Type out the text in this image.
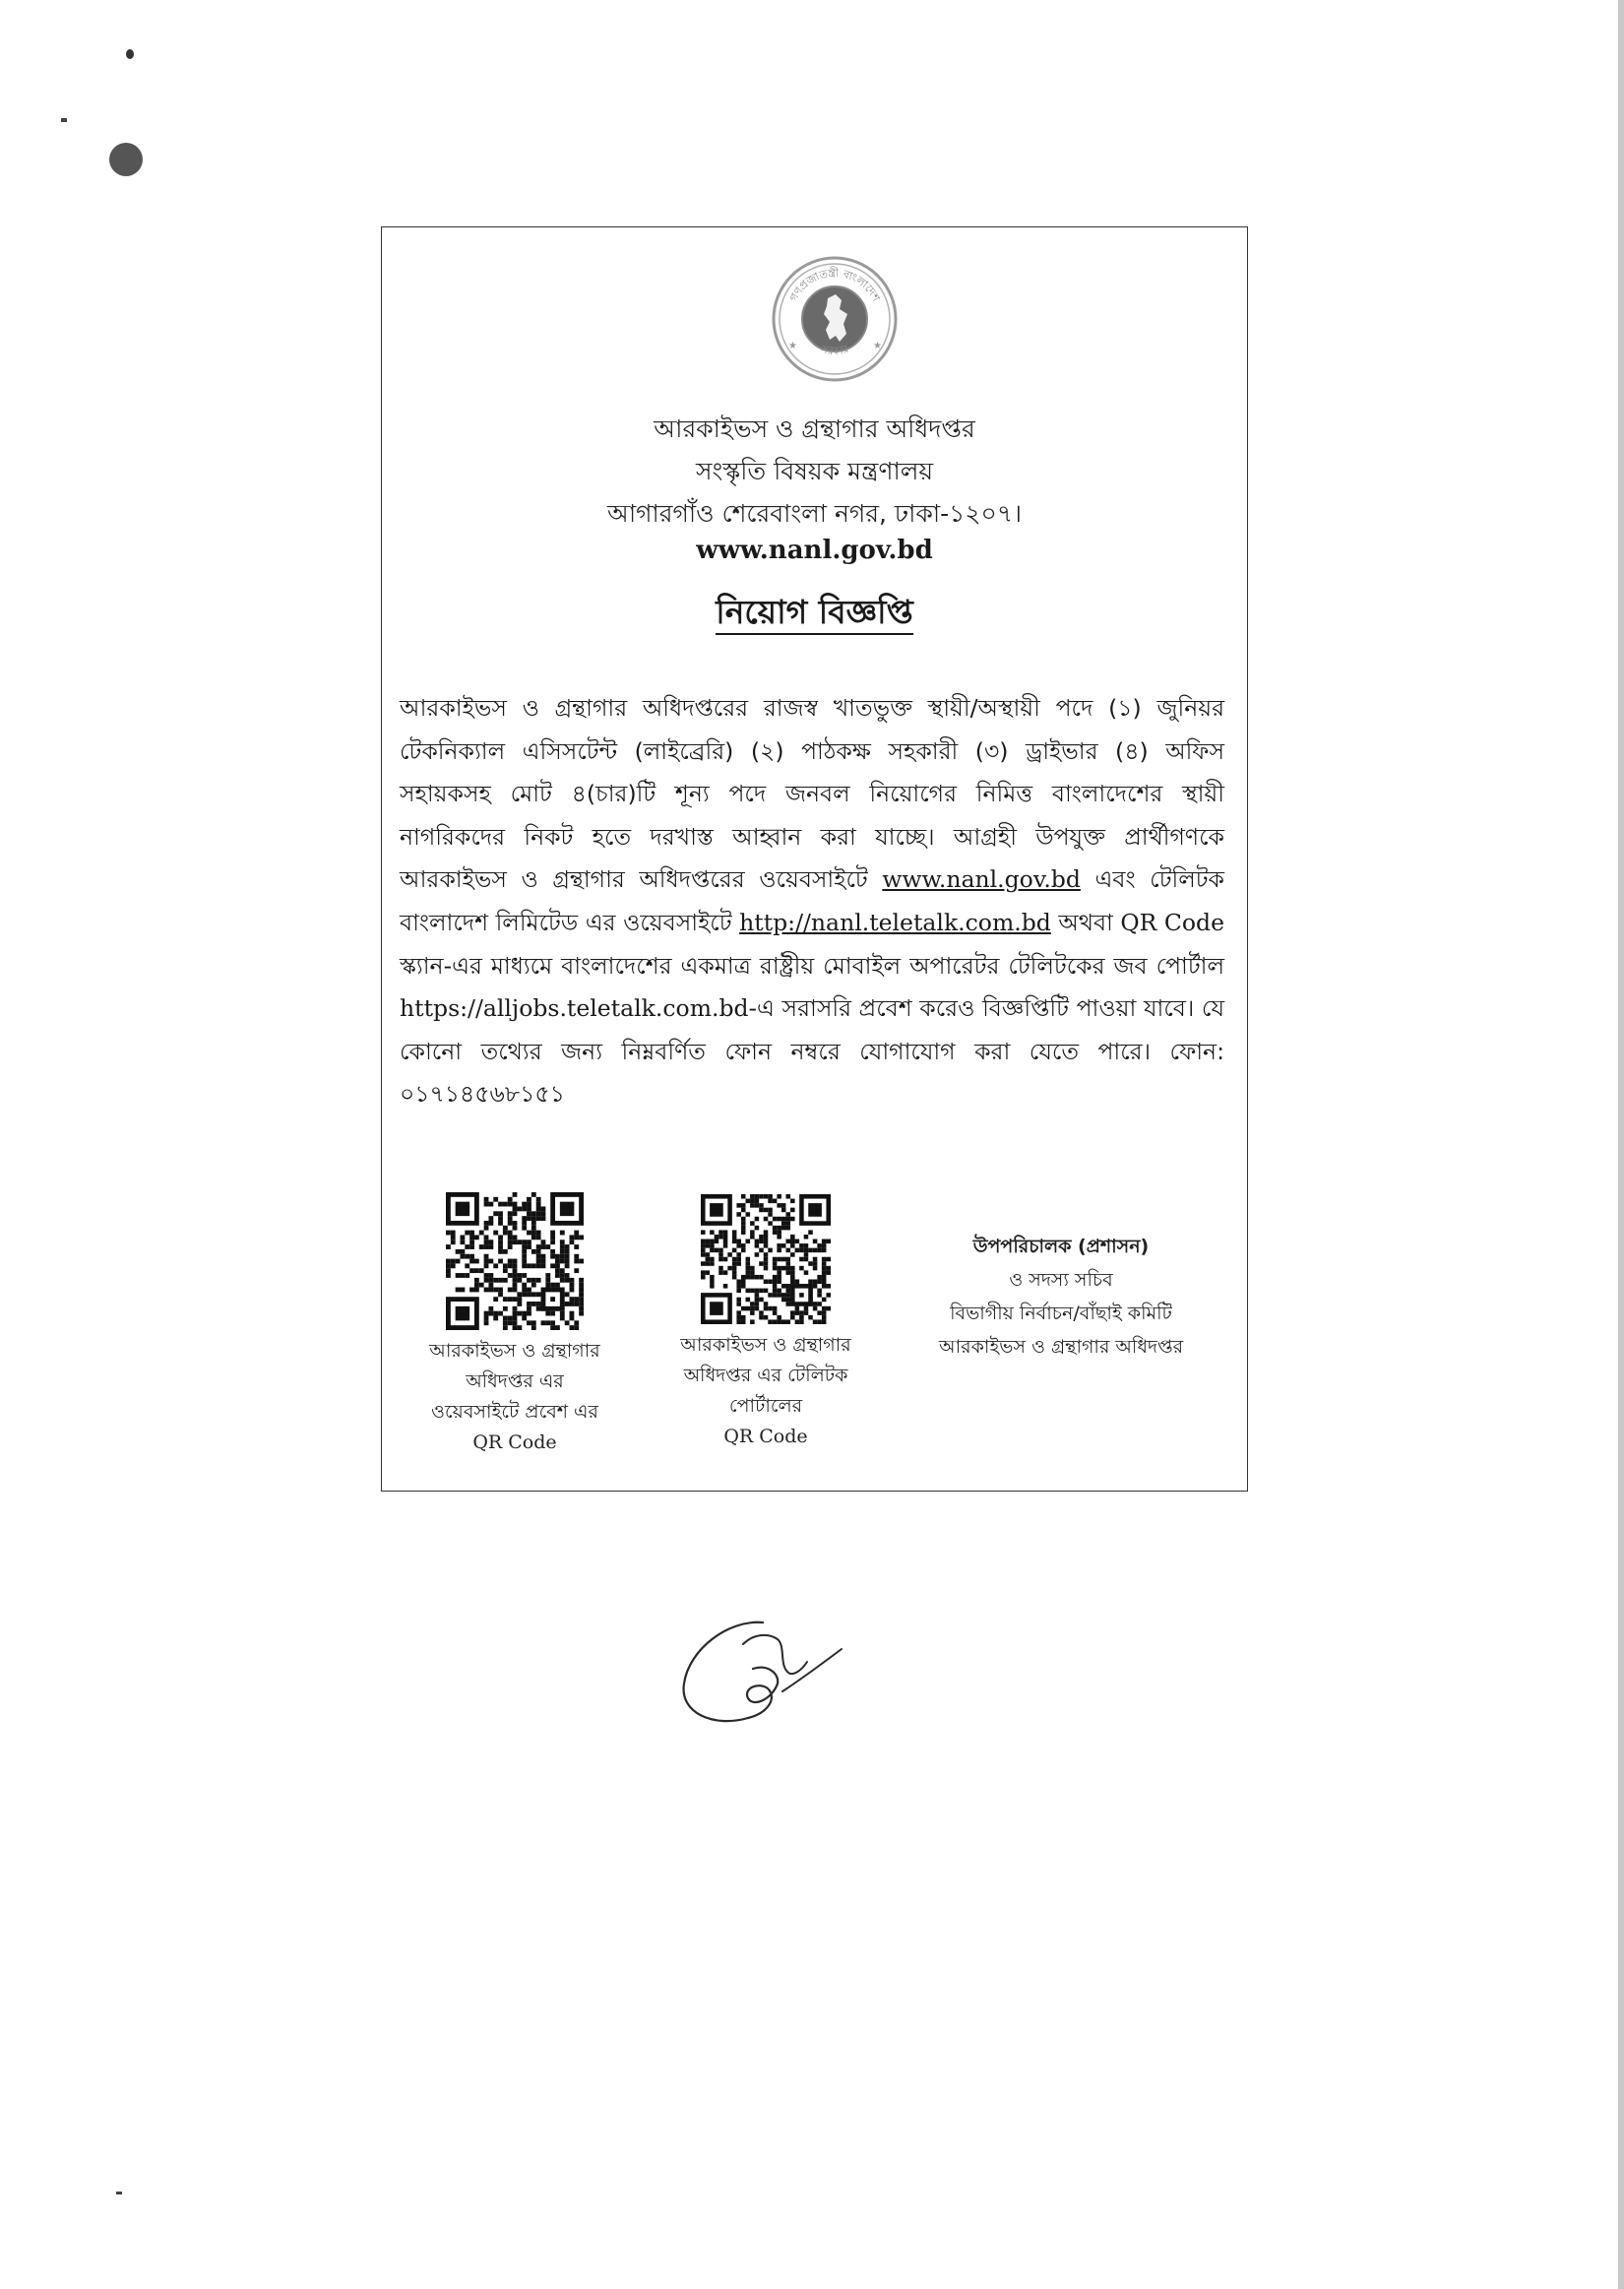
গণপ্রজাতন্ত্রী বাংলাদেশ
সরকার
★	★
আরকাইভস ও গ্রন্থাগার অধিদপ্তর
সংস্কৃতি বিষয়ক মন্ত্রণালয়
আগারগাঁও শেরেবাংলা নগর, ঢাকা-১২০৭।
www.nanl.gov.bd
নিয়োগ বিজ্ঞপ্তি
আরকাইভস ও গ্রন্থাগার অধিদপ্তরের রাজস্ব খাতভুক্ত স্থায়ী/অস্থায়ী পদে (১) জুনিয়র টেকনিক্যাল এসিসটেন্ট (লাইব্রেরি) (২) পাঠকক্ষ সহকারী (৩) ড্রাইভার (৪) অফিস সহায়কসহ মোট ৪(চার)টি শূন্য পদে জনবল নিয়োগের নিমিত্ত বাংলাদেশের স্থায়ী নাগরিকদের নিকট হতে দরখাস্ত আহ্বান করা যাচ্ছে। আগ্রহী উপযুক্ত প্রার্থীগণকে আরকাইভস ও গ্রন্থাগার অধিদপ্তরের ওয়েবসাইটে www.nanl.gov.bd এবং টেলিটক বাংলাদেশ লিমিটেড এর ওয়েবসাইটে http://nanl.teletalk.com.bd অথবা QR Code স্ক্যান-এর মাধ্যমে বাংলাদেশের একমাত্র রাষ্ট্রীয় মোবাইল অপারেটর টেলিটকের জব পোর্টাল https://alljobs.teletalk.com.bd-এ সরাসরি প্রবেশ করেও বিজ্ঞপ্তিটি পাওয়া যাবে। যে কোনো তথ্যের জন্য নিম্নবর্ণিত ফোন নম্বরে যোগাযোগ করা যেতে পারে। ফোন: ০১৭১৪৫৬৮১৫১
আরকাইভস ও গ্রন্থাগার
অধিদপ্তর এর
ওয়েবসাইটে প্রবেশ এর
QR Code
আরকাইভস ও গ্রন্থাগার
অধিদপ্তর এর টেলিটক
পোর্টালের
QR Code
উপপরিচালক (প্রশাসন)
ও সদস্য সচিব
বিভাগীয় নির্বাচন/বাঁছাই কমিটি
আরকাইভস ও গ্রন্থাগার অধিদপ্তর
